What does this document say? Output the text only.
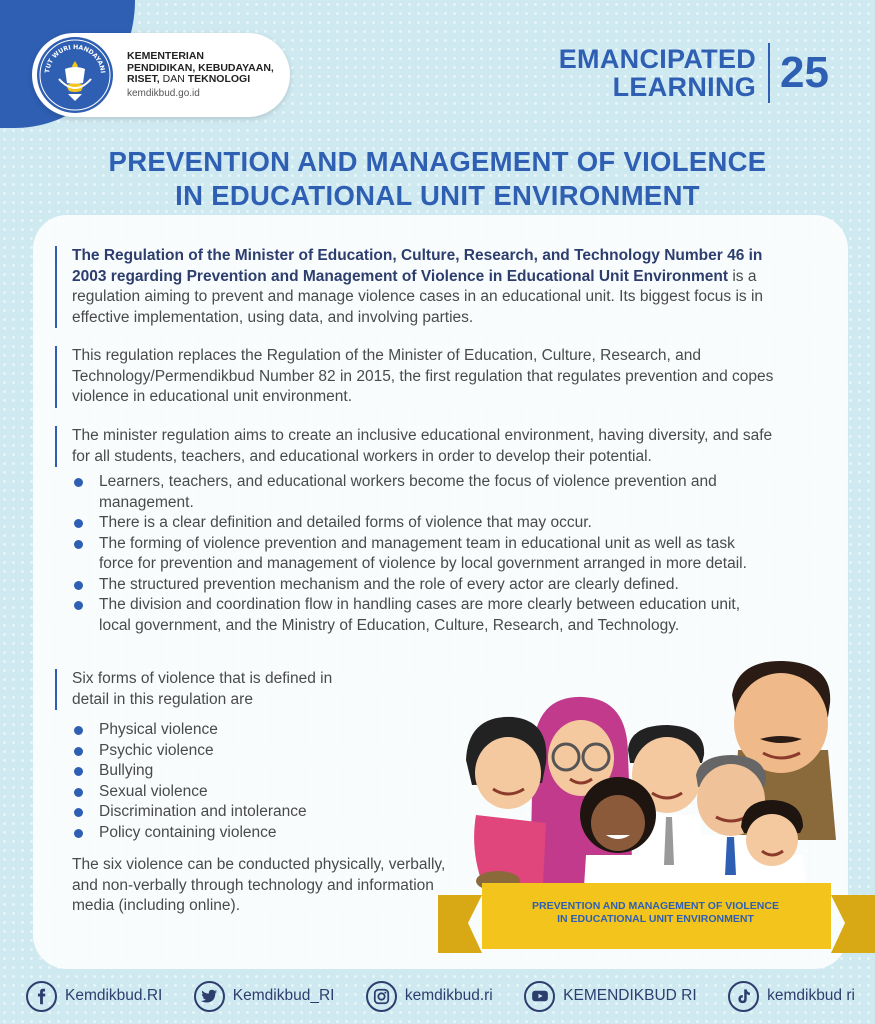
TUT WURI HANDAYANI
KEMENTERIAN
PENDIDIKAN, KEBUDAYAAN,
RISET, DAN TEKNOLOGI
kemdikbud.go.id
EMANCIPATED
LEARNING 25
PREVENTION AND MANAGEMENT OF VIOLENCE
IN EDUCATIONAL UNIT ENVIRONMENT
The Regulation of the Minister of Education, Culture, Research, and Technology Number 46 in 2003 regarding Prevention and Management of Violence in Educational Unit Environment is a regulation aiming to prevent and manage violence cases in an educational unit. Its biggest focus is in effective implementation, using data, and involving parties.
This regulation replaces the Regulation of the Minister of Education, Culture, Research, and Technology/Permendikbud Number 82 in 2015, the first regulation that regulates prevention and copes violence in educational unit environment.
The minister regulation aims to create an inclusive educational environment, having diversity, and safe for all students, teachers, and educational workers in order to develop their potential.
Learners, teachers, and educational workers become the focus of violence prevention and management.
There is a clear definition and detailed forms of violence that may occur.
The forming of violence prevention and management team in educational unit as well as task force for prevention and management of violence by local government arranged in more detail.
The structured prevention mechanism and the role of every actor are clearly defined.
The division and coordination flow in handling cases are more clearly between education unit, local government, and the Ministry of Education, Culture, Research, and Technology.
Six forms of violence that is defined in detail in this regulation are
Physical violence
Psychic violence
Bullying
Sexual violence
Discrimination and intolerance
Policy containing violence
The six violence can be conducted physically, verbally, and non-verbally through technology and information media (including online).	PREVENTION AND MANAGEMENT OF VIOLENCE
IN EDUCATIONAL UNIT ENVIRONMENT
Kemdikbud.RI	Kemdikbud_RI	kemdikbud.ri	KEMENDIKBUD RI	kemdikbud ri
